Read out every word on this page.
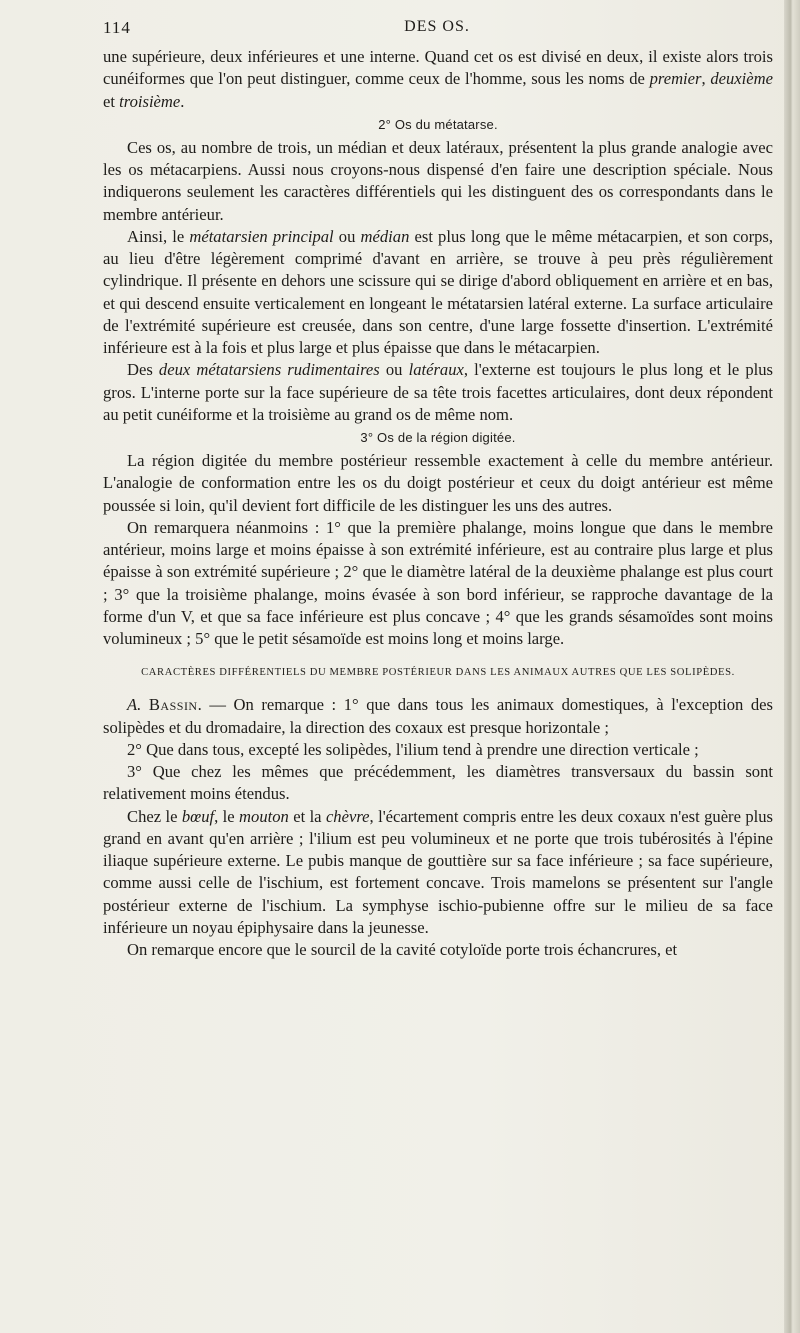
114	DES OS.

une supérieure, deux inférieures et une interne. Quand cet os est divisé en deux, il existe alors trois cunéiformes que l'on peut distinguer, comme ceux de l'homme, sous les noms de premier, deuxième et troisième.

2° Os du métatarse.

Ces os, au nombre de trois, un médian et deux latéraux, présentent la plus grande analogie avec les os métacarpiens. Aussi nous croyons-nous dispensé d'en faire une description spéciale. Nous indiquerons seulement les caractères différentiels qui les distinguent des os correspondants dans le membre antérieur.

Ainsi, le métatarsien principal ou médian est plus long que le même métacarpien, et son corps, au lieu d'être légèrement comprimé d'avant en arrière, se trouve à peu près régulièrement cylindrique. Il présente en dehors une scissure qui se dirige d'abord obliquement en arrière et en bas, et qui descend ensuite verticalement en longeant le métatarsien latéral externe. La surface articulaire de l'extrémité supérieure est creusée, dans son centre, d'une large fossette d'insertion. L'extrémité inférieure est à la fois et plus large et plus épaisse que dans le métacarpien.

Des deux métatarsiens rudimentaires ou latéraux, l'externe est toujours le plus long et le plus gros. L'interne porte sur la face supérieure de sa tête trois facettes articulaires, dont deux répondent au petit cunéiforme et la troisième au grand os de même nom.

3° Os de la région digitée.

La région digitée du membre postérieur ressemble exactement à celle du membre antérieur. L'analogie de conformation entre les os du doigt postérieur et ceux du doigt antérieur est même poussée si loin, qu'il devient fort difficile de les distinguer les uns des autres.

On remarquera néanmoins : 1° que la première phalange, moins longue que dans le membre antérieur, moins large et moins épaisse à son extrémité inférieure, est au contraire plus large et plus épaisse à son extrémité supérieure ; 2° que le diamètre latéral de la deuxième phalange est plus court ; 3° que la troisième phalange, moins évasée à son bord inférieur, se rapproche davantage de la forme d'un V, et que sa face inférieure est plus concave ; 4° que les grands sésamoïdes sont moins volumineux ; 5° que le petit sésamoïde est moins long et moins large.

CARACTÈRES DIFFÉRENTIELS DU MEMBRE POSTÉRIEUR DANS LES ANIMAUX AUTRES QUE LES SOLIPÈDES.

A. Bassin. — On remarque : 1° que dans tous les animaux domestiques, à l'exception des solipèdes et du dromadaire, la direction des coxaux est presque horizontale ;

2° Que dans tous, excepté les solipèdes, l'ilium tend à prendre une direction verticale ;

3° Que chez les mêmes que précédemment, les diamètres transversaux du bassin sont relativement moins étendus.

Chez le bœuf, le mouton et la chèvre, l'écartement compris entre les deux coxaux n'est guère plus grand en avant qu'en arrière ; l'ilium est peu volumineux et ne porte que trois tubérosités à l'épine iliaque supérieure externe. Le pubis manque de gouttière sur sa face inférieure ; sa face supérieure, comme aussi celle de l'ischium, est fortement concave. Trois mamelons se présentent sur l'angle postérieur externe de l'ischium. La symphyse ischio-pubienne offre sur le milieu de sa face inférieure un noyau épiphysaire dans la jeunesse.

On remarque encore que le sourcil de la cavité cotyloïde porte trois échancrures, et
